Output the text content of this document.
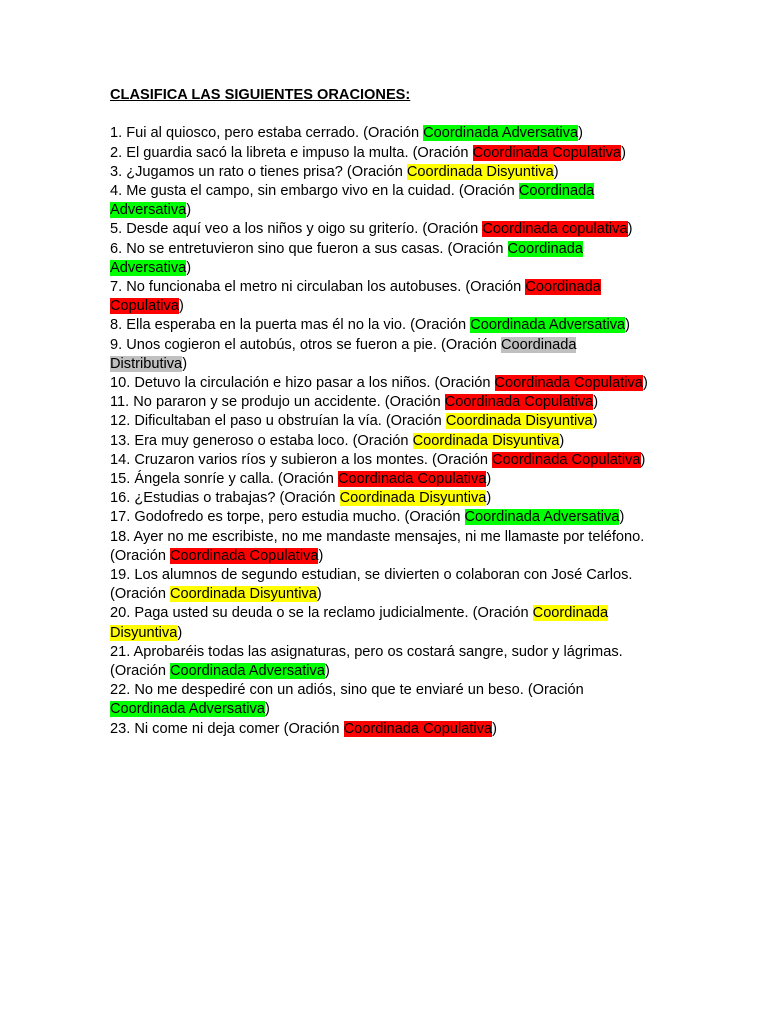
CLASIFICA LAS SIGUIENTES ORACIONES:

1. Fui al quiosco, pero estaba cerrado. (Oración Coordinada Adversativa)

2. El guardia sacó la libreta e impuso la multa. (Oración Coordinada Copulativa)

3. ¿Jugamos un rato o tienes prisa? (Oración Coordinada Disyuntiva)

4. Me gusta el campo, sin embargo vivo en la cuidad. (Oración Coordinada Adversativa)

5. Desde aquí veo a los niños y oigo su griterío. (Oración Coordinada copulativa)

6. No se entretuvieron sino que fueron a sus casas. (Oración Coordinada Adversativa)

7. No funcionaba el metro ni circulaban los autobuses. (Oración Coordinada Copulativa)

8. Ella esperaba en la puerta mas él no la vio. (Oración Coordinada Adversativa)

9. Unos cogieron el autobús, otros se fueron a pie. (Oración Coordinada Distributiva)

10. Detuvo la circulación e hizo pasar a los niños. (Oración Coordinada Copulativa)

11. No pararon y se produjo un accidente. (Oración Coordinada Copulativa)

12. Dificultaban el paso u obstruían la vía. (Oración Coordinada Disyuntiva)

13. Era muy generoso o estaba loco. (Oración Coordinada Disyuntiva)

14. Cruzaron varios ríos y subieron a los montes. (Oración Coordinada Copulativa)

15. Ángela sonríe y calla. (Oración Coordinada Copulativa)

16. ¿Estudias o trabajas? (Oración Coordinada Disyuntiva)

17. Godofredo es torpe, pero estudia mucho. (Oración Coordinada Adversativa)

18. Ayer no me escribiste, no me mandaste mensajes, ni me llamaste por teléfono. (Oración Coordinada Copulativa)

19. Los alumnos de segundo estudian, se divierten o colaboran con José Carlos. (Oración Coordinada Disyuntiva)

20. Paga usted su deuda o se la reclamo judicialmente. (Oración Coordinada Disyuntiva)

21. Aprobaréis todas las asignaturas, pero os costará sangre, sudor y lágrimas. (Oración Coordinada Adversativa)

22. No me despediré con un adiós, sino que te enviaré un beso. (Oración Coordinada Adversativa)

23. Ni come ni deja comer (Oración Coordinada Copulativa)
